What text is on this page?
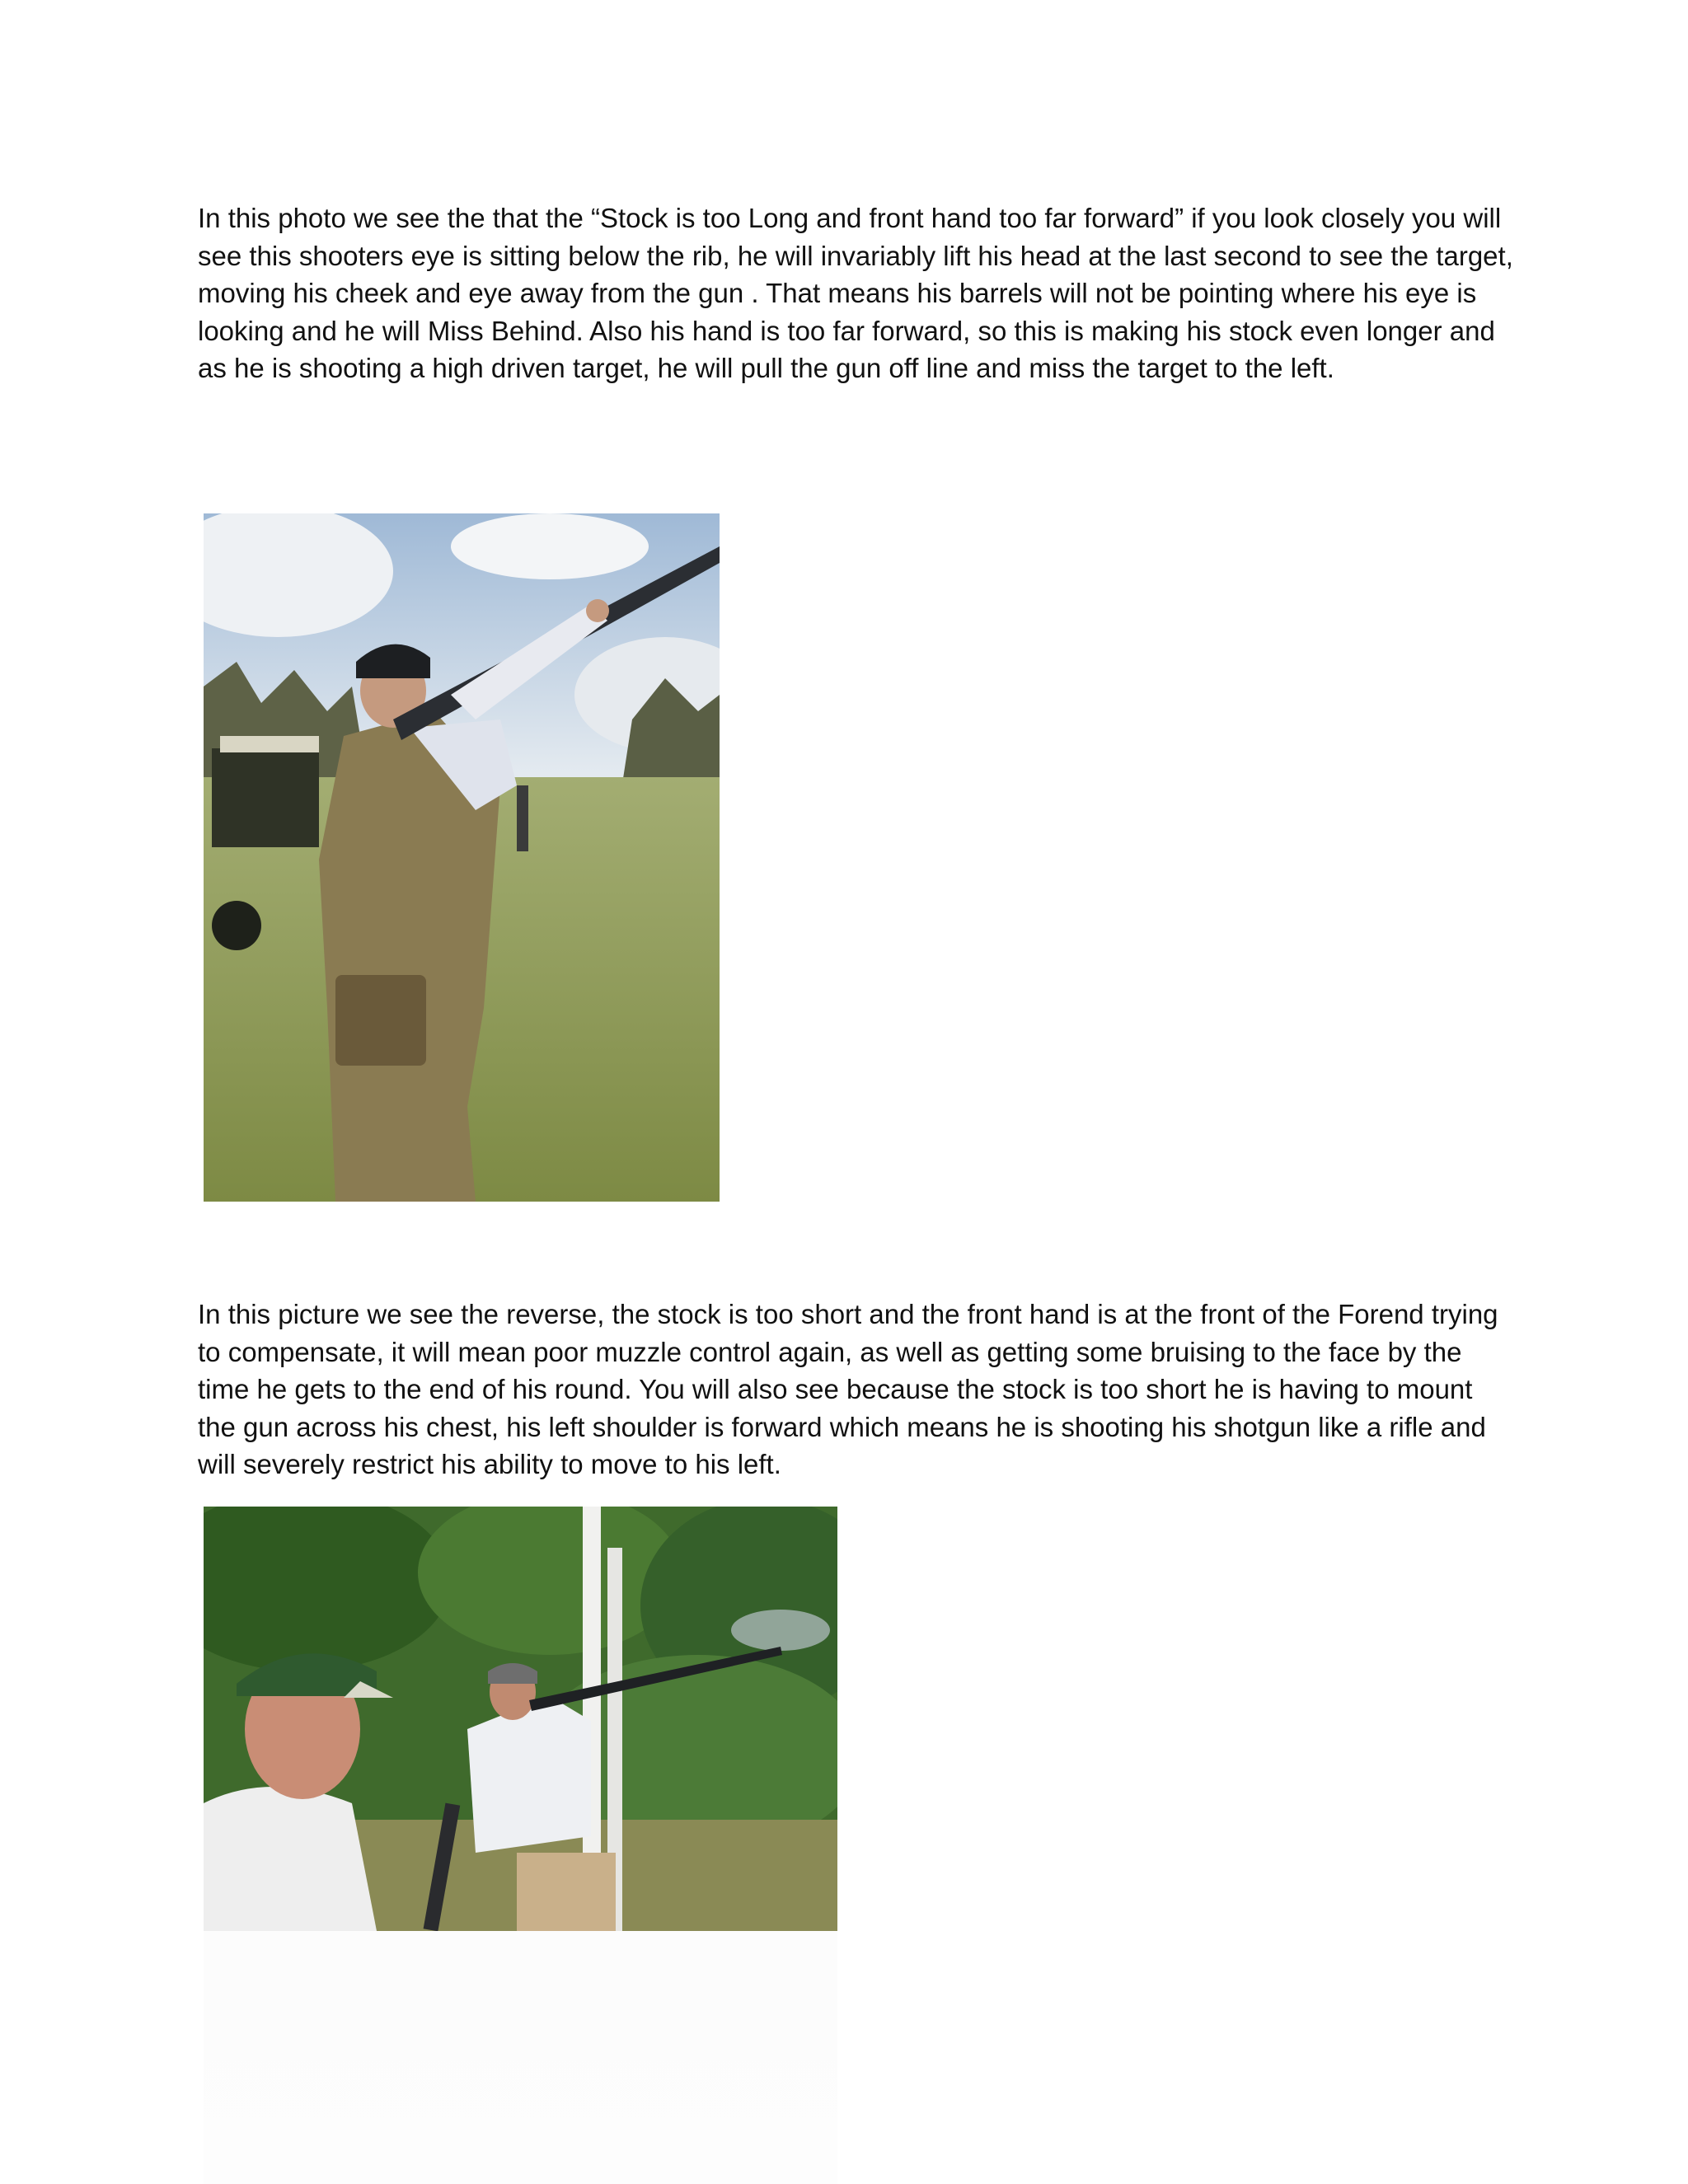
In this photo we see the that the “Stock is too Long and front hand too far forward” if you look closely you will see this shooters eye is sitting below the rib, he will invariably lift his head at the last second to see the target, moving his cheek and eye away from the gun . That means his barrels will not be pointing where his eye is looking and he will Miss Behind. Also his hand is too far forward, so this is making his stock even longer and as he is shooting a high driven target, he will pull the gun off line and miss the target to the left.

In this picture we see the reverse, the stock is too short and the front hand is at the front of the Forend trying to compensate, it will mean poor muzzle control again, as well as getting some bruising to the face by the time he gets to the end of his round. You will also see because the stock is too short he is having to mount the gun across his chest, his left shoulder is forward which means he is shooting his shotgun like a rifle and will severely restrict his ability to move to his left.
